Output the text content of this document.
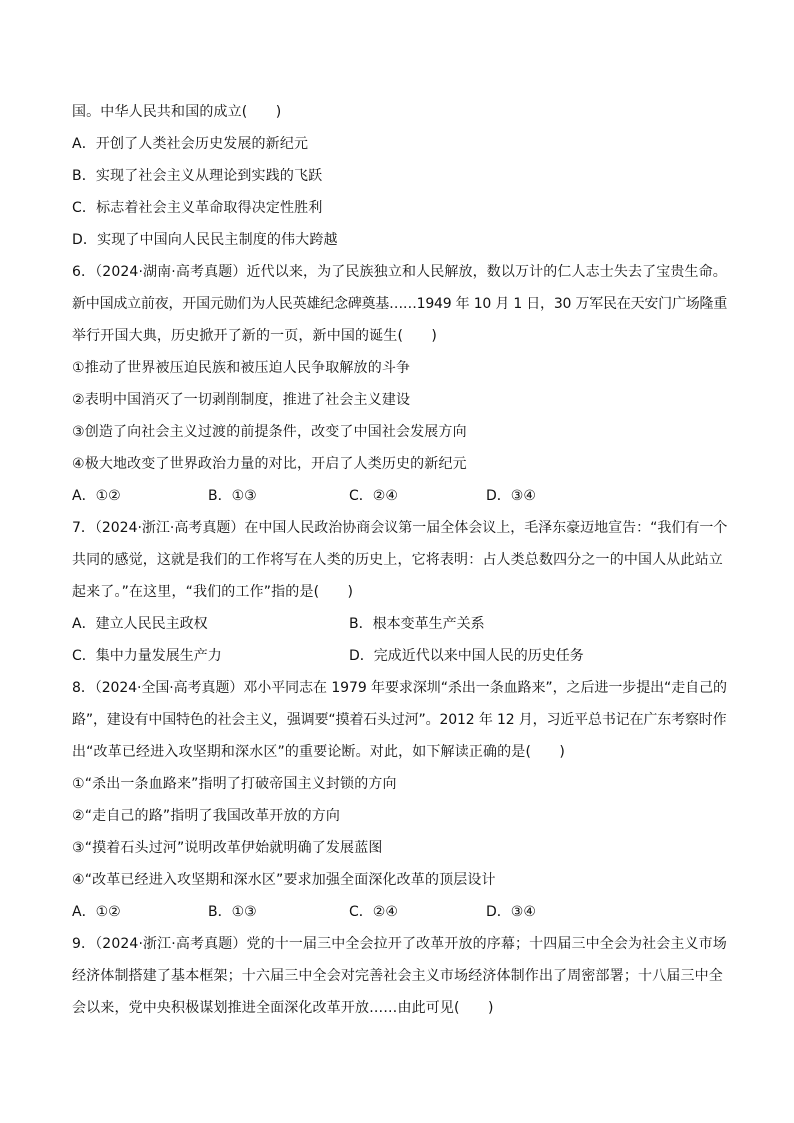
国。中华人民共和国的成立(　　)
A．开创了人类社会历史发展的新纪元
B．实现了社会主义从理论到实践的飞跃
C．标志着社会主义革命取得决定性胜利
D．实现了中国向人民民主制度的伟大跨越
6．（2024·湖南·高考真题）近代以来，为了民族独立和人民解放，数以万计的仁人志士失去了宝贵生命。
新中国成立前夜，开国元勋们为人民英雄纪念碑奠基……1949 年 10 月 1 日，30 万军民在天安门广场隆重
举行开国大典，历史掀开了新的一页，新中国的诞生(　　)
①推动了世界被压迫民族和被压迫人民争取解放的斗争
②表明中国消灭了一切剥削制度，推进了社会主义建设
③创造了向社会主义过渡的前提条件，改变了中国社会发展方向
④极大地改变了世界政治力量的对比，开启了人类历史的新纪元
A．①②	B．①③	C．②④	D．③④
7．（2024·浙江·高考真题）在中国人民政治协商会议第一届全体会议上，毛泽东豪迈地宣告：“我们有一个
共同的感觉，这就是我们的工作将写在人类的历史上，它将表明：占人类总数四分之一的中国人从此站立
起来了。”在这里，“我们的工作”指的是(　　)
A．建立人民民主政权	B．根本变革生产关系
C．集中力量发展生产力	D．完成近代以来中国人民的历史任务
8．（2024·全国·高考真题）邓小平同志在 1979 年要求深圳“杀出一条血路来”，之后进一步提出“走自己的
路”，建设有中国特色的社会主义，强调要“摸着石头过河”。2012 年 12 月，习近平总书记在广东考察时作
出“改革已经进入攻坚期和深水区”的重要论断。对此，如下解读正确的是(　　)
①“杀出一条血路来”指明了打破帝国主义封锁的方向
②“走自己的路”指明了我国改革开放的方向
③“摸着石头过河”说明改革伊始就明确了发展蓝图
④“改革已经进入攻坚期和深水区”要求加强全面深化改革的顶层设计
A．①②	B．①③	C．②④	D．③④
9．（2024·浙江·高考真题）党的十一届三中全会拉开了改革开放的序幕；十四届三中全会为社会主义市场
经济体制搭建了基本框架；十六届三中全会对完善社会主义市场经济体制作出了周密部署；十八届三中全
会以来，党中央积极谋划推进全面深化改革开放……由此可见(　　)
